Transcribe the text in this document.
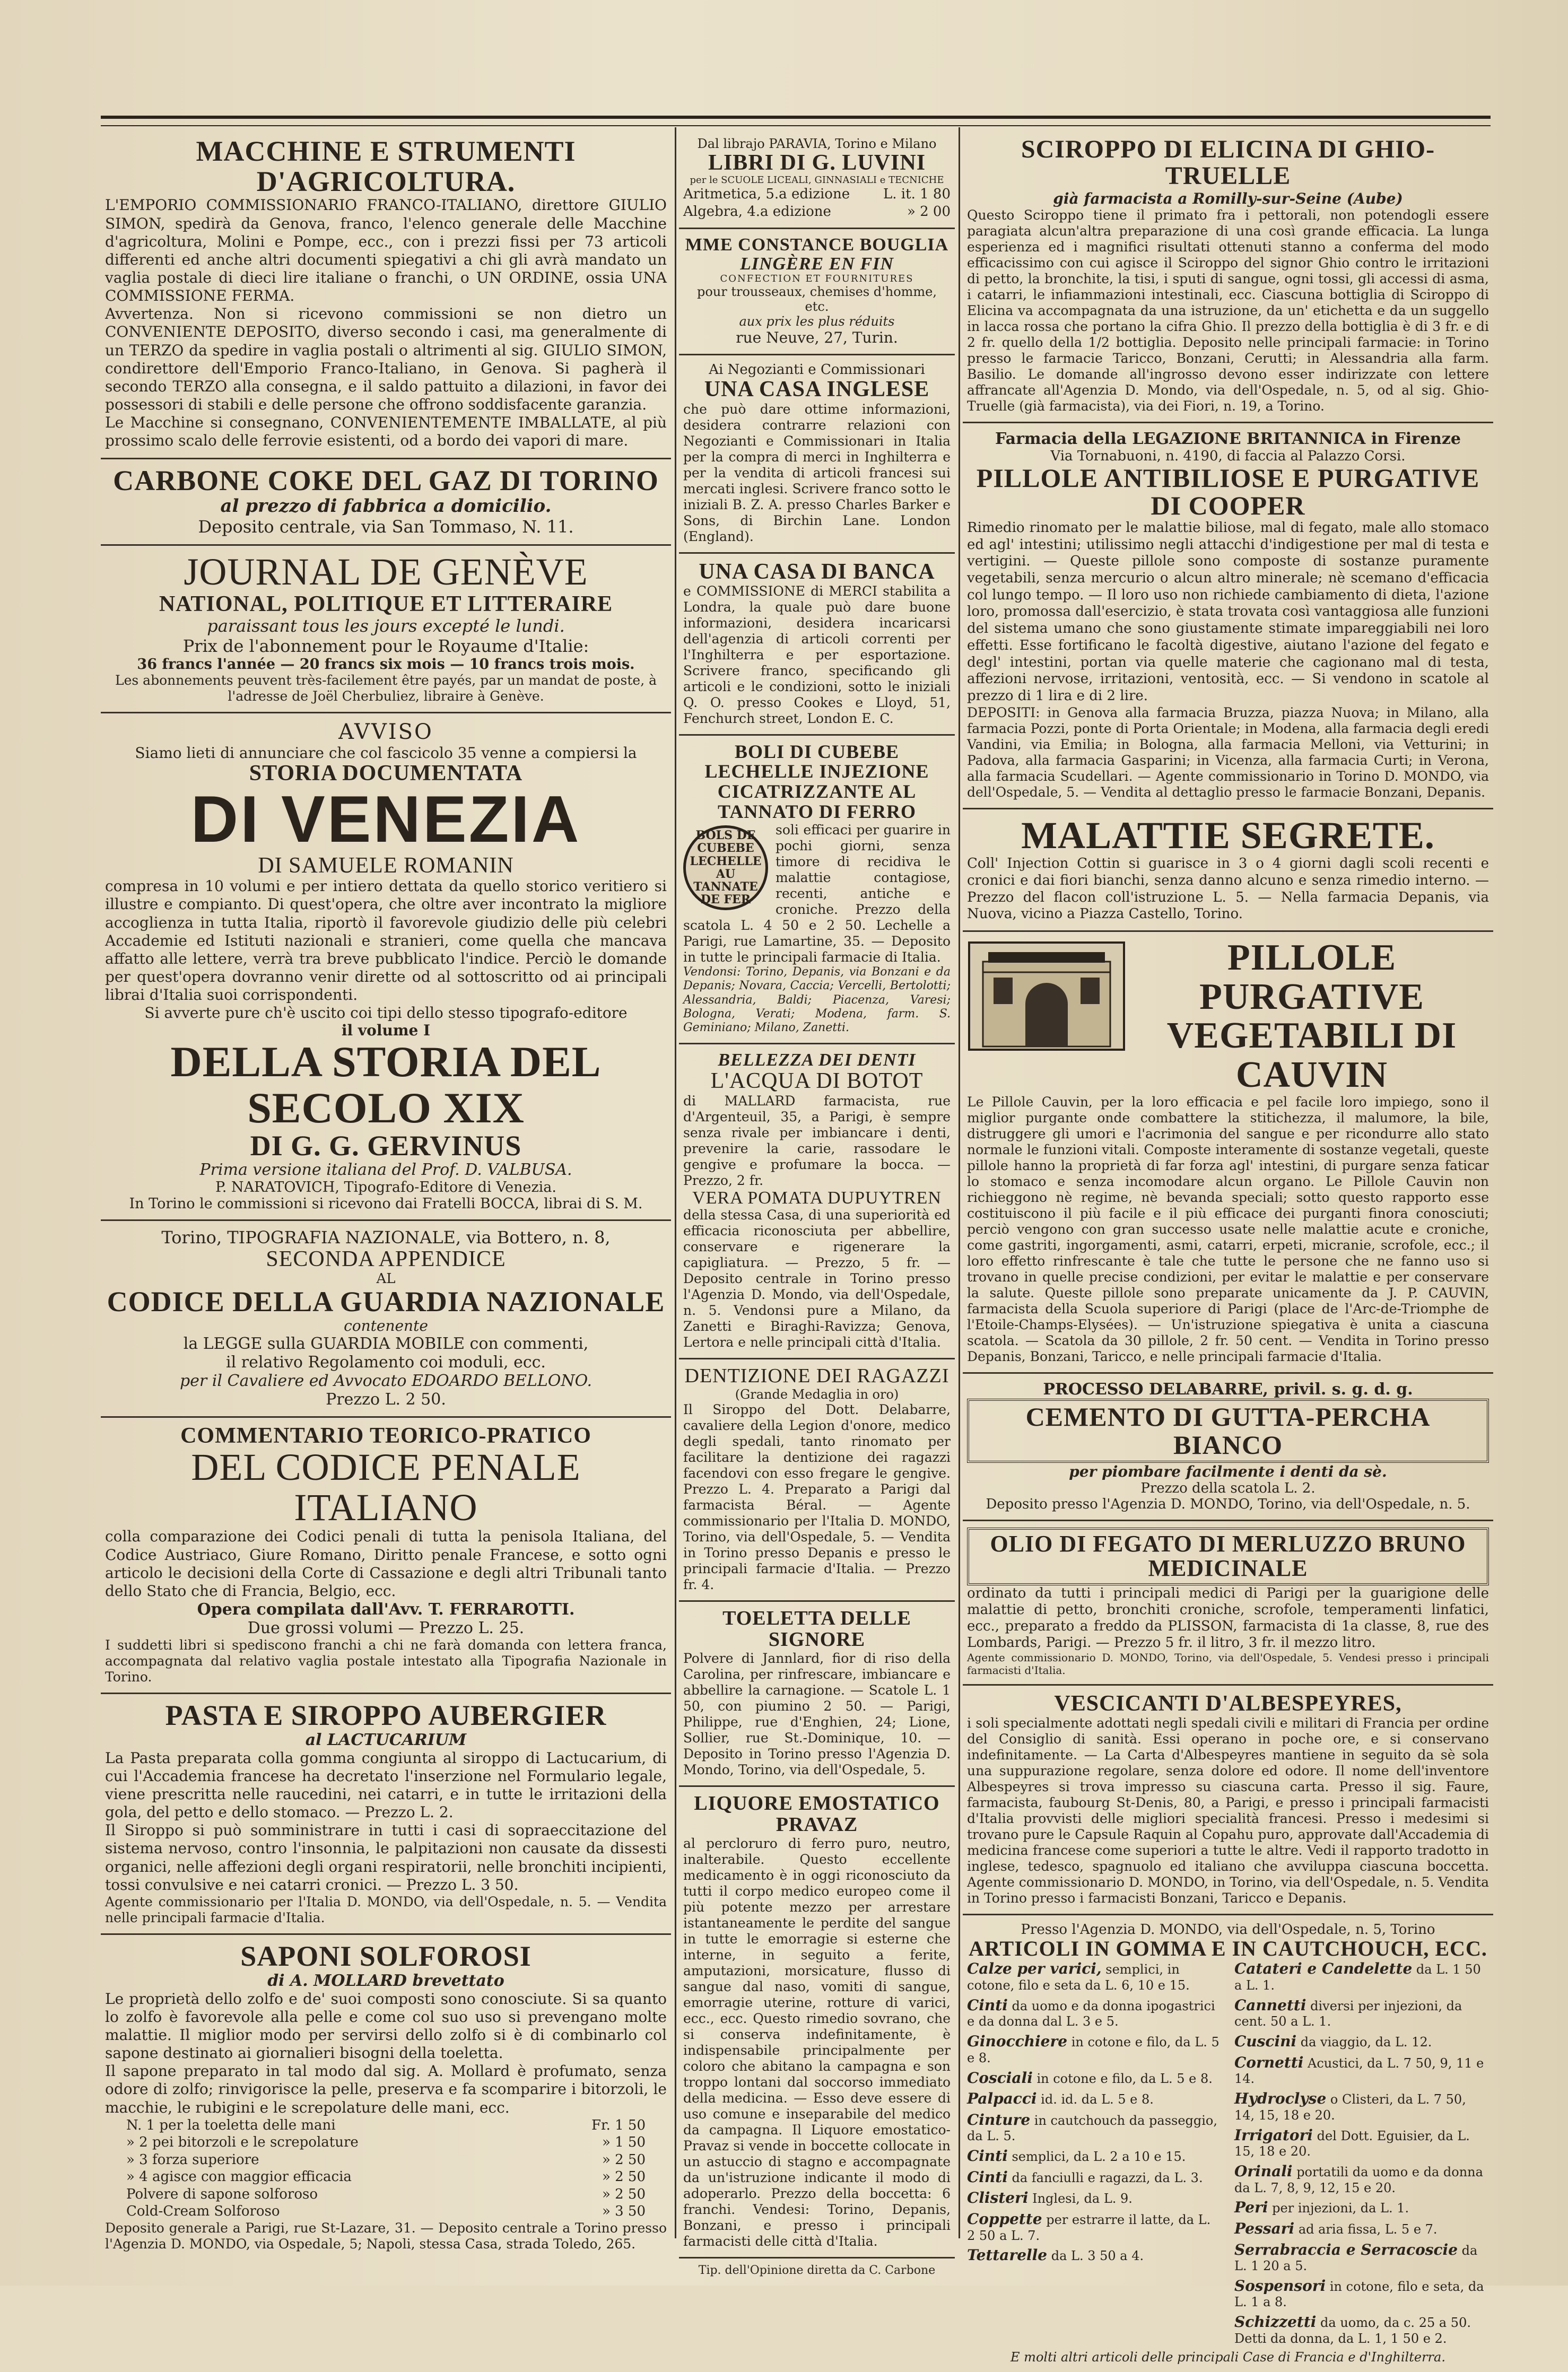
MACCHINE E STRUMENTI D'AGRICOLTURA.
L'EMPORIO COMMISSIONARIO FRANCO-ITALIANO, direttore GIULIO SIMON, spedirà da Genova, franco, l'elenco generale delle Macchine d'agricoltura, Molini e Pompe, ecc., con i prezzi fissi per 73 articoli differenti ed anche altri documenti spiegativi a chi gli avrà mandato un vaglia postale di dieci lire italiane o franchi, o UN ORDINE, ossia UNA COMMISSIONE FERMA.
Avvertenza. Non si ricevono commissioni se non dietro un CONVENIENTE DEPOSITO, diverso secondo i casi, ma generalmente di un TERZO da spedire in vaglia postali o altrimenti al sig. GIULIO SIMON, condirettore dell'Emporio Franco-Italiano, in Genova. Si pagherà il secondo TERZO alla consegna, e il saldo pattuito a dilazioni, in favor dei possessori di stabili e delle persone che offrono soddisfacente garanzia.
Le Macchine si consegnano, CONVENIENTEMENTE IMBALLATE, al più prossimo scalo delle ferrovie esistenti, od a bordo dei vapori di mare.
CARBONE COKE DEL GAZ DI TORINO
al prezzo di fabbrica a domicilio.
Deposito centrale, via San Tommaso, N. 11.
JOURNAL DE GENÈVE
NATIONAL, POLITIQUE ET LITTERAIRE
paraissant tous les jours excepté le lundi.
Prix de l'abonnement pour le Royaume d'Italie:
36 francs l'année — 20 francs six mois — 10 francs trois mois.
Les abonnements peuvent très-facilement être payés, par un mandat de poste, à l'adresse de Joël Cherbuliez, libraire à Genève.
AVVISO
Siamo lieti di annunciare che col fascicolo 35 venne a compiersi la
STORIA DOCUMENTATA
DI VENEZIA
DI SAMUELE ROMANIN
compresa in 10 volumi e per intiero dettata da quello storico veritiero si illustre e compianto. Di quest'opera, che oltre aver incontrato la migliore accoglienza in tutta Italia, riportò il favorevole giudizio delle più celebri Accademie ed Istituti nazionali e stranieri, come quella che mancava affatto alle lettere, verrà tra breve pubblicato l'indice. Perciò le domande per quest'opera dovranno venir dirette od al sottoscritto od ai principali librai d'Italia suoi corrispondenti.
Si avverte pure ch'è uscito coi tipi dello stesso tipografo-editore
il volume I
DELLA STORIA DEL SECOLO XIX
DI G. G. GERVINUS
Prima versione italiana del Prof. D. VALBUSA.
P. NARATOVICH, Tipografo-Editore di Venezia.
In Torino le commissioni si ricevono dai Fratelli BOCCA, librai di S. M.
Torino, TIPOGRAFIA NAZIONALE, via Bottero, n. 8,
SECONDA APPENDICE
AL
CODICE DELLA GUARDIA NAZIONALE
contenente
la LEGGE sulla GUARDIA MOBILE con commenti,
il relativo Regolamento coi moduli, ecc.
per il Cavaliere ed Avvocato EDOARDO BELLONO.
Prezzo L. 2 50.
COMMENTARIO TEORICO-PRATICO
DEL CODICE PENALE ITALIANO
colla comparazione dei Codici penali di tutta la penisola Italiana, del Codice Austriaco, Giure Romano, Diritto penale Francese, e sotto ogni articolo le decisioni della Corte di Cassazione e degli altri Tribunali tanto dello Stato che di Francia, Belgio, ecc.
Opera compilata dall'Avv. T. FERRAROTTI.
Due grossi volumi — Prezzo L. 25.
I suddetti libri si spediscono franchi a chi ne farà domanda con lettera franca, accompagnata dal relativo vaglia postale intestato alla Tipografia Nazionale in Torino.
PASTA E SIROPPO AUBERGIER
al LACTUCARIUM
La Pasta preparata colla gomma congiunta al siroppo di Lactucarium, di cui l'Accademia francese ha decretato l'inserzione nel Formulario legale, viene prescritta nelle raucedini, nei catarri, e in tutte le irritazioni della gola, del petto e dello stomaco. — Prezzo L. 2.
Il Siroppo si può somministrare in tutti i casi di sopraeccitazione del sistema nervoso, contro l'insonnia, le palpitazioni non causate da dissesti organici, nelle affezioni degli organi respiratorii, nelle bronchiti incipienti, tossi convulsive e nei catarri cronici. — Prezzo L. 3 50.
Agente commissionario per l'Italia D. MONDO, via dell'Ospedale, n. 5. — Vendita nelle principali farmacie d'Italia.
SAPONI SOLFOROSI
di A. MOLLARD brevettato
Le proprietà dello zolfo e de' suoi composti sono conosciute. Si sa quanto lo zolfo è favorevole alla pelle e come col suo uso si prevengano molte malattie. Il miglior modo per servirsi dello zolfo si è di combinarlo col sapone destinato ai giornalieri bisogni della toeletta.
Il sapone preparato in tal modo dal sig. A. Mollard è profumato, senza odore di zolfo; rinvigorisce la pelle, preserva e fa scomparire i bitorzoli, le macchie, le rubigini e le screpolature delle mani, ecc.
N. 1 per la toeletta delle mani	Fr. 1 50
» 2 pei bitorzoli e le screpolature	» 1 50
» 3 forza superiore	» 2 50
» 4 agisce con maggior efficacia	» 2 50
Polvere di sapone solforoso	» 2 50
Cold-Cream Solforoso	» 3 50
Deposito generale a Parigi, rue St-Lazare, 31. — Deposito centrale a Torino presso l'Agenzia D. MONDO, via Ospedale, 5; Napoli, stessa Casa, strada Toledo, 265.
Dal librajo PARAVIA, Torino e Milano
LIBRI DI G. LUVINI
per le SCUOLE LICEALI, GINNASIALI e TECNICHE
Aritmetica, 5.a edizione L. it. 1 80
Algebra, 4.a edizione	» 2 00
MME CONSTANCE BOUGLIA
LINGÈRE EN FIN
CONFECTION ET FOURNITURES
pour trousseaux, chemises d'homme, etc.
aux prix les plus réduits
rue Neuve, 27, Turin.
Ai Negozianti e Commissionari
UNA CASA INGLESE
che può dare ottime informazioni, desidera contrarre relazioni con Negozianti e Commissionari in Italia per la compra di merci in Inghilterra e per la vendita di articoli francesi sui mercati inglesi. Scrivere franco sotto le iniziali B. Z. A. presso Charles Barker e Sons, di Birchin Lane. London (England).
UNA CASA DI BANCA
e COMMISSIONE di MERCI stabilita a Londra, la quale può dare buone informazioni, desidera incaricarsi dell'agenzia di articoli correnti per l'Inghilterra e per esportazione. Scrivere franco, specificando gli articoli e le condizioni, sotto le iniziali Q. O. presso Cookes e Lloyd, 51, Fenchurch street, London E. C.
BOLI DI CUBEBE LECHELLE INJEZIONE CICATRIZZANTE AL TANNATO DI FERRO
BOLS DE CUBEBE LECHELLE AU TANNATE DE FER
soli efficaci per guarire in pochi giorni, senza timore di recidiva le malattie contagiose, recenti, antiche e croniche. Prezzo della scatola L. 4 50 e 2 50. Lechelle a Parigi, rue Lamartine, 35. — Deposito in tutte le principali farmacie di Italia.
Vendonsi: Torino, Depanis, via Bonzani e da Depanis; Novara, Caccia; Vercelli, Bertolotti; Alessandria, Baldi; Piacenza, Varesi; Bologna, Verati; Modena, farm. S. Geminiano; Milano, Zanetti.
BELLEZZA DEI DENTI
L'ACQUA DI BOTOT
di MALLARD farmacista, rue d'Argenteuil, 35, a Parigi, è sempre senza rivale per imbiancare i denti, prevenire la carie, rassodare le gengive e profumare la bocca. — Prezzo, 2 fr.
VERA POMATA DUPUYTREN
della stessa Casa, di una superiorità ed efficacia riconosciuta per abbellire, conservare e rigenerare la capigliatura. — Prezzo, 5 fr. — Deposito centrale in Torino presso l'Agenzia D. Mondo, via dell'Ospedale, n. 5. Vendonsi pure a Milano, da Zanetti e Biraghi-Ravizza; Genova, Lertora e nelle principali città d'Italia.
DENTIZIONE DEI RAGAZZI
(Grande Medaglia in oro)
Il Siroppo del Dott. Delabarre, cavaliere della Legion d'onore, medico degli spedali, tanto rinomato per facilitare la dentizione dei ragazzi facendovi con esso fregare le gengive. Prezzo L. 4. Preparato a Parigi dal farmacista Béral. — Agente commissionario per l'Italia D. MONDO, Torino, via dell'Ospedale, 5. — Vendita in Torino presso Depanis e presso le principali farmacie d'Italia. — Prezzo fr. 4.
TOELETTA DELLE SIGNORE
Polvere di Jannlard, fior di riso della Carolina, per rinfrescare, imbiancare e abbellire la carnagione. — Scatole L. 1 50, con piumino 2 50. — Parigi, Philippe, rue d'Enghien, 24; Lione, Sollier, rue St.-Dominique, 10. — Deposito in Torino presso l'Agenzia D. Mondo, Torino, via dell'Ospedale, 5.
LIQUORE EMOSTATICO PRAVAZ
al percloruro di ferro puro, neutro, inalterabile. Questo eccellente medicamento è in oggi riconosciuto da tutti il corpo medico europeo come il più potente mezzo per arrestare istantaneamente le perdite del sangue in tutte le emorragie si esterne che interne, in seguito a ferite, amputazioni, morsicature, flusso di sangue dal naso, vomiti di sangue, emorragie uterine, rotture di varici, ecc., ecc. Questo rimedio sovrano, che si conserva indefinitamente, è indispensabile principalmente per coloro che abitano la campagna e son troppo lontani dal soccorso immediato della medicina. — Esso deve essere di uso comune e inseparabile del medico da campagna. Il Liquore emostatico-Pravaz si vende in boccette collocate in un astuccio di stagno e accompagnate da un'istruzione indicante il modo di adoperarlo. Prezzo della boccetta: 6 franchi. Vendesi: Torino, Depanis, Bonzani, e presso i principali farmacisti delle città d'Italia.
Tip. dell'Opinione diretta da C. Carbone
SCIROPPO DI ELICINA DI GHIO-TRUELLE
già farmacista a Romilly-sur-Seine (Aube)
Questo Sciroppo tiene il primato fra i pettorali, non potendogli essere paragiata alcun'altra preparazione di una così grande efficacia. La lunga esperienza ed i magnifici risultati ottenuti stanno a conferma del modo efficacissimo con cui agisce il Sciroppo del signor Ghio contro le irritazioni di petto, la bronchite, la tisi, i sputi di sangue, ogni tossi, gli accessi di asma, i catarri, le infiammazioni intestinali, ecc. Ciascuna bottiglia di Sciroppo di Elicina va accompagnata da una istruzione, da un' etichetta e da un suggello in lacca rossa che portano la cifra Ghio. Il prezzo della bottiglia è di 3 fr. e di 2 fr. quello della 1/2 bottiglia. Deposito nelle principali farmacie: in Torino presso le farmacie Taricco, Bonzani, Cerutti; in Alessandria alla farm. Basilio. Le domande all'ingrosso devono esser indirizzate con lettere affrancate all'Agenzia D. Mondo, via dell'Ospedale, n. 5, od al sig. Ghio-Truelle (già farmacista), via dei Fiori, n. 19, a Torino.
Farmacia della LEGAZIONE BRITANNICA in Firenze
Via Tornabuoni, n. 4190, di faccia al Palazzo Corsi.
PILLOLE ANTIBILIOSE E PURGATIVE DI COOPER
Rimedio rinomato per le malattie biliose, mal di fegato, male allo stomaco ed agl' intestini; utilissimo negli attacchi d'indigestione per mal di testa e vertigini. — Queste pillole sono composte di sostanze puramente vegetabili, senza mercurio o alcun altro minerale; nè scemano d'efficacia col lungo tempo. — Il loro uso non richiede cambiamento di dieta, l'azione loro, promossa dall'esercizio, è stata trovata così vantaggiosa alle funzioni del sistema umano che sono giustamente stimate impareggiabili nei loro effetti. Esse fortificano le facoltà digestive, aiutano l'azione del fegato e degl' intestini, portan via quelle materie che cagionano mal di testa, affezioni nervose, irritazioni, ventosità, ecc. — Si vendono in scatole al prezzo di 1 lira e di 2 lire.
DEPOSITI: in Genova alla farmacia Bruzza, piazza Nuova; in Milano, alla farmacia Pozzi, ponte di Porta Orientale; in Modena, alla farmacia degli eredi Vandini, via Emilia; in Bologna, alla farmacia Melloni, via Vetturini; in Padova, alla farmacia Gasparini; in Vicenza, alla farmacia Curti; in Verona, alla farmacia Scudellari. — Agente commissionario in Torino D. MONDO, via dell'Ospedale, 5. — Vendita al dettaglio presso le farmacie Bonzani, Depanis.
MALATTIE SEGRETE.
Coll' Injection Cottin si guarisce in 3 o 4 giorni dagli scoli recenti e cronici e dai fiori bianchi, senza danno alcuno e senza rimedio interno. — Prezzo del flacon coll'istruzione L. 5. — Nella farmacia Depanis, via Nuova, vicino a Piazza Castello, Torino.
PILLOLE PURGATIVE VEGETABILI DI CAUVIN
Le Pillole Cauvin, per la loro efficacia e pel facile loro impiego, sono il miglior purgante onde combattere la stitichezza, il malumore, la bile, distruggere gli umori e l'acrimonia del sangue e per ricondurre allo stato normale le funzioni vitali. Composte interamente di sostanze vegetali, queste pillole hanno la proprietà di far forza agl' intestini, di purgare senza faticar lo stomaco e senza incomodare alcun organo. Le Pillole Cauvin non richieggono nè regime, nè bevanda speciali; sotto questo rapporto esse costituiscono il più facile e il più efficace dei purganti finora conosciuti; perciò vengono con gran successo usate nelle malattie acute e croniche, come gastriti, ingorgamenti, asmi, catarri, erpeti, micranie, scrofole, ecc.; il loro effetto rinfrescante è tale che tutte le persone che ne fanno uso si trovano in quelle precise condizioni, per evitar le malattie e per conservare la salute. Queste pillole sono preparate unicamente da J. P. CAUVIN, farmacista della Scuola superiore di Parigi (place de l'Arc-de-Triomphe de l'Etoile-Champs-Elysées). — Un'istruzione spiegativa è unita a ciascuna scatola. — Scatola da 30 pillole, 2 fr. 50 cent. — Vendita in Torino presso Depanis, Bonzani, Taricco, e nelle principali farmacie d'Italia.
PROCESSO DELABARRE, privil. s. g. d. g.
CEMENTO DI GUTTA-PERCHA BIANCO
per piombare facilmente i denti da sè.
Prezzo della scatola L. 2.
Deposito presso l'Agenzia D. MONDO, Torino, via dell'Ospedale, n. 5.
OLIO DI FEGATO DI MERLUZZO BRUNO MEDICINALE
ordinato da tutti i principali medici di Parigi per la guarigione delle malattie di petto, bronchiti croniche, scrofole, temperamenti linfatici, ecc., preparato a freddo da PLISSON, farmacista di 1a classe, 8, rue des Lombards, Parigi. — Prezzo 5 fr. il litro, 3 fr. il mezzo litro.
Agente commissionario D. MONDO, Torino, via dell'Ospedale, 5. Vendesi presso i principali farmacisti d'Italia.
VESCICANTI D'ALBESPEYRES,
i soli specialmente adottati negli spedali civili e militari di Francia per ordine del Consiglio di sanità. Essi operano in poche ore, e si conservano indefinitamente. — La Carta d'Albespeyres mantiene in seguito da sè sola una suppurazione regolare, senza dolore ed odore. Il nome dell'inventore Albespeyres si trova impresso su ciascuna carta. Presso il sig. Faure, farmacista, faubourg St-Denis, 80, a Parigi, e presso i principali farmacisti d'Italia provvisti delle migliori specialità francesi. Presso i medesimi si trovano pure le Capsule Raquin al Copahu puro, approvate dall'Accademia di medicina francese come superiori a tutte le altre. Vedi il rapporto tradotto in inglese, tedesco, spagnuolo ed italiano che avviluppa ciascuna boccetta. Agente commissionario D. MONDO, in Torino, via dell'Ospedale, n. 5. Vendita in Torino presso i farmacisti Bonzani, Taricco e Depanis.
Presso l'Agenzia D. MONDO, via dell'Ospedale, n. 5, Torino
ARTICOLI IN GOMMA E IN CAUTCHOUCH, ECC.
Calze per varici, semplici, in cotone, filo e seta da L. 6, 10 e 15.
Cinti da uomo e da donna ipogastrici e da donna dal L. 3 e 5.
Ginocchiere in cotone e filo, da L. 5 e 8.
Cosciali in cotone e filo, da L. 5 e 8.
Palpacci id. id. da L. 5 e 8.
Cinture in cautchouch da passeggio, da L. 5.
Cinti semplici, da L. 2 a 10 e 15.
Cinti da fanciulli e ragazzi, da L. 3.
Clisteri Inglesi, da L. 9.
Coppette per estrarre il latte, da L. 2 50 a L. 7.
Tettarelle da L. 3 50 a 4.
Catateri e Candelette da L. 1 50 a L. 1.
Cannetti diversi per injezioni, da cent. 50 a L. 1.
Cuscini da viaggio, da L. 12.
Cornetti Acustici, da L. 7 50, 9, 11 e 14.
Hydroclyse o Clisteri, da L. 7 50, 14, 15, 18 e 20.
Irrigatori del Dott. Eguisier, da L. 15, 18 e 20.
Orinali portatili da uomo e da donna da L. 7, 8, 9, 12, 15 e 20.
Peri per injezioni, da L. 1.
Pessari ad aria fissa, L. 5 e 7.
Serrabraccia e Serracoscie da L. 1 20 a 5.
Sospensori in cotone, filo e seta, da L. 1 a 8.
Schizzetti da uomo, da c. 25 a 50. Detti da donna, da L. 1, 1 50 e 2.
E molti altri articoli delle principali Case di Francia e d'Inghilterra.
